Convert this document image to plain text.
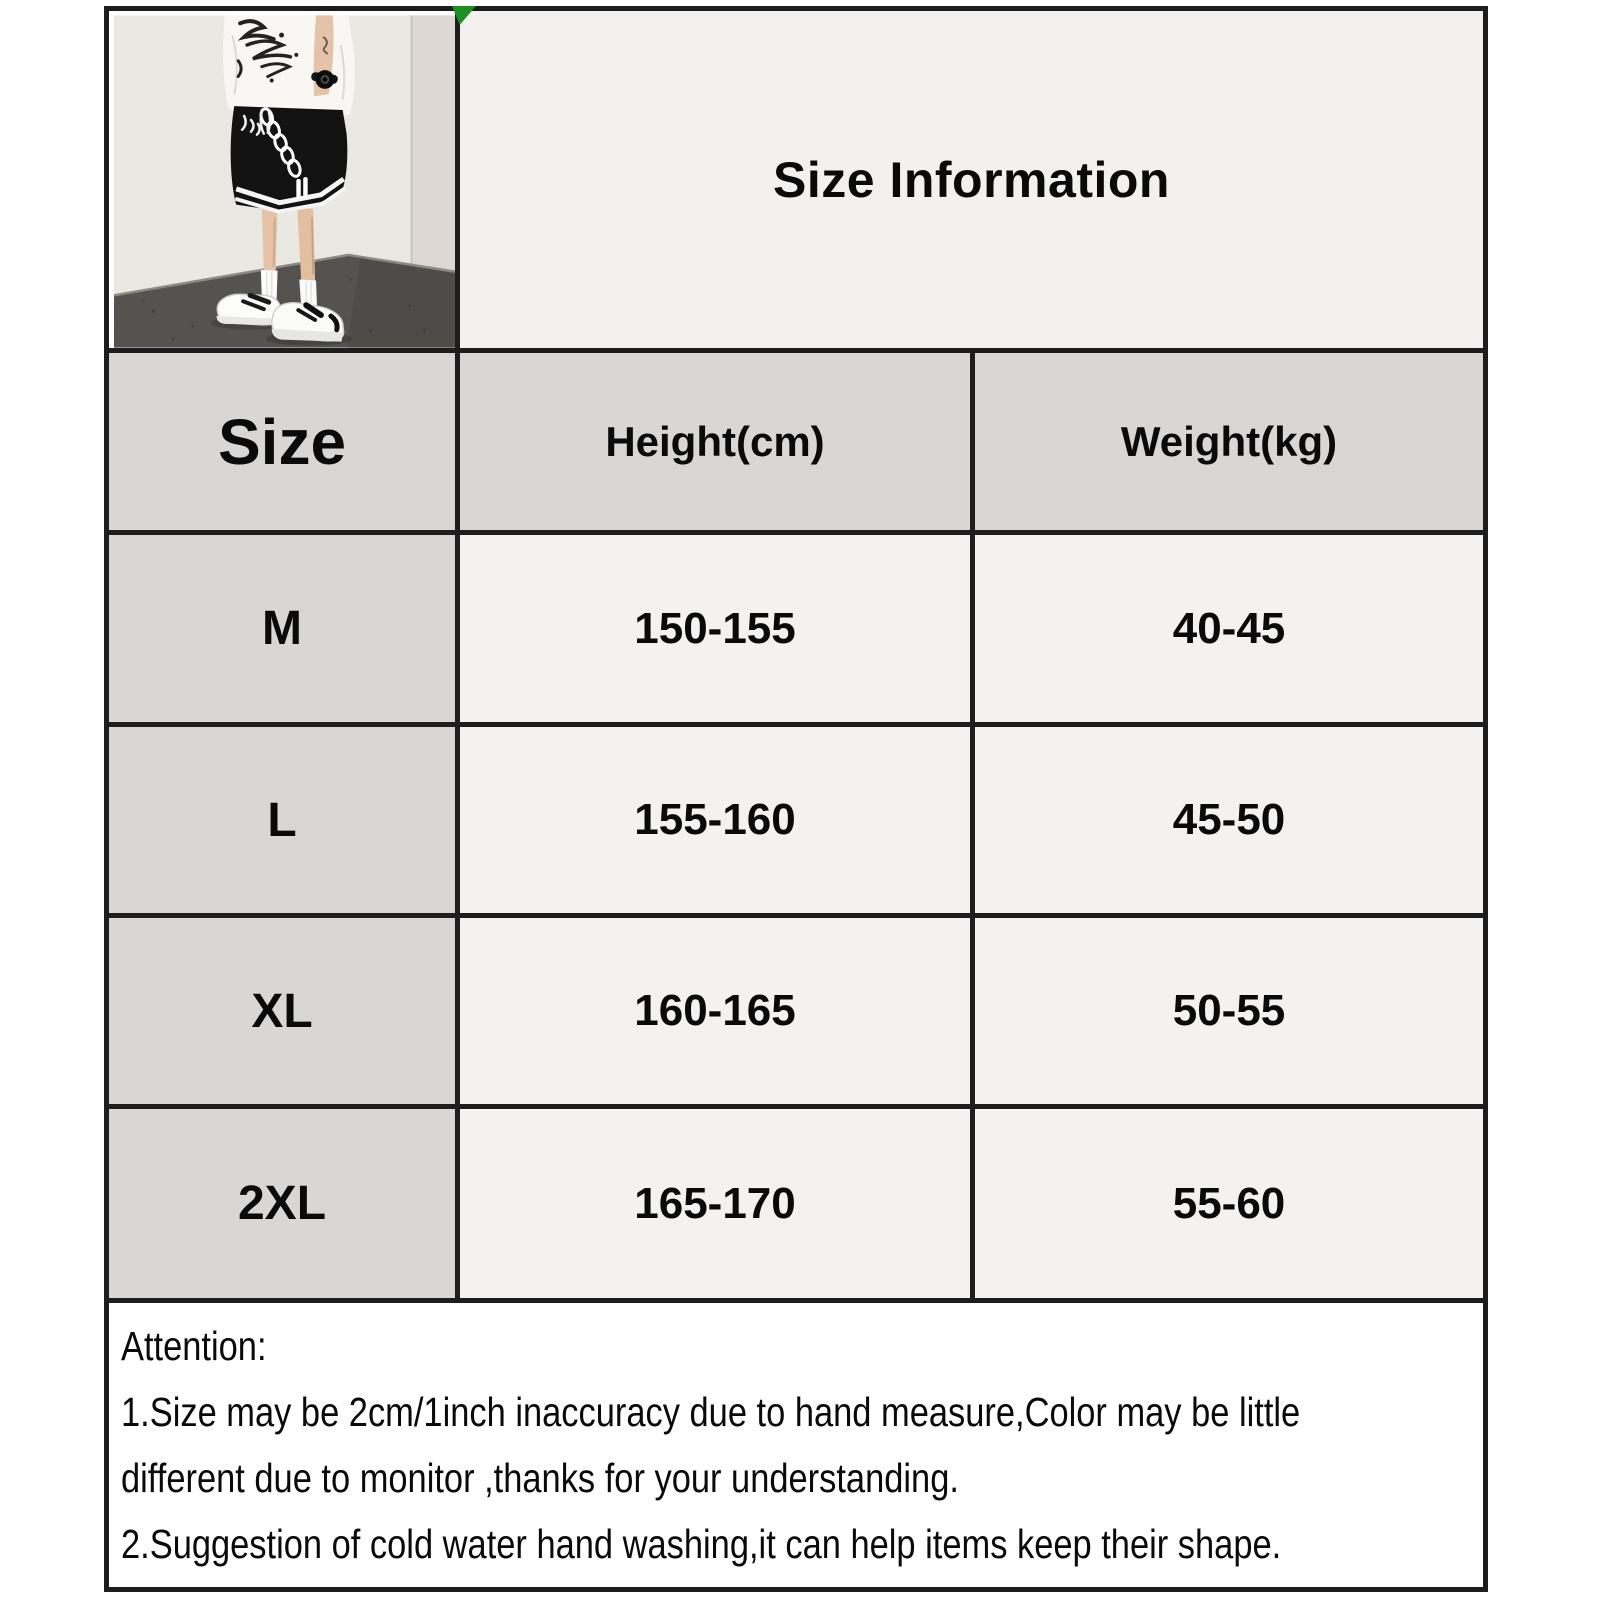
Size Information
Size	Height(cm)	Weight(kg)
M	150-155	40-45
L	155-160	45-50
XL	160-165	50-55
2XL	165-170	55-60
Attention:
1.Size may be 2cm/1inch inaccuracy due to hand measure,Color may be little
different due to monitor ,thanks for your understanding.
2.Suggestion of cold water hand washing,it can help items keep their shape.
